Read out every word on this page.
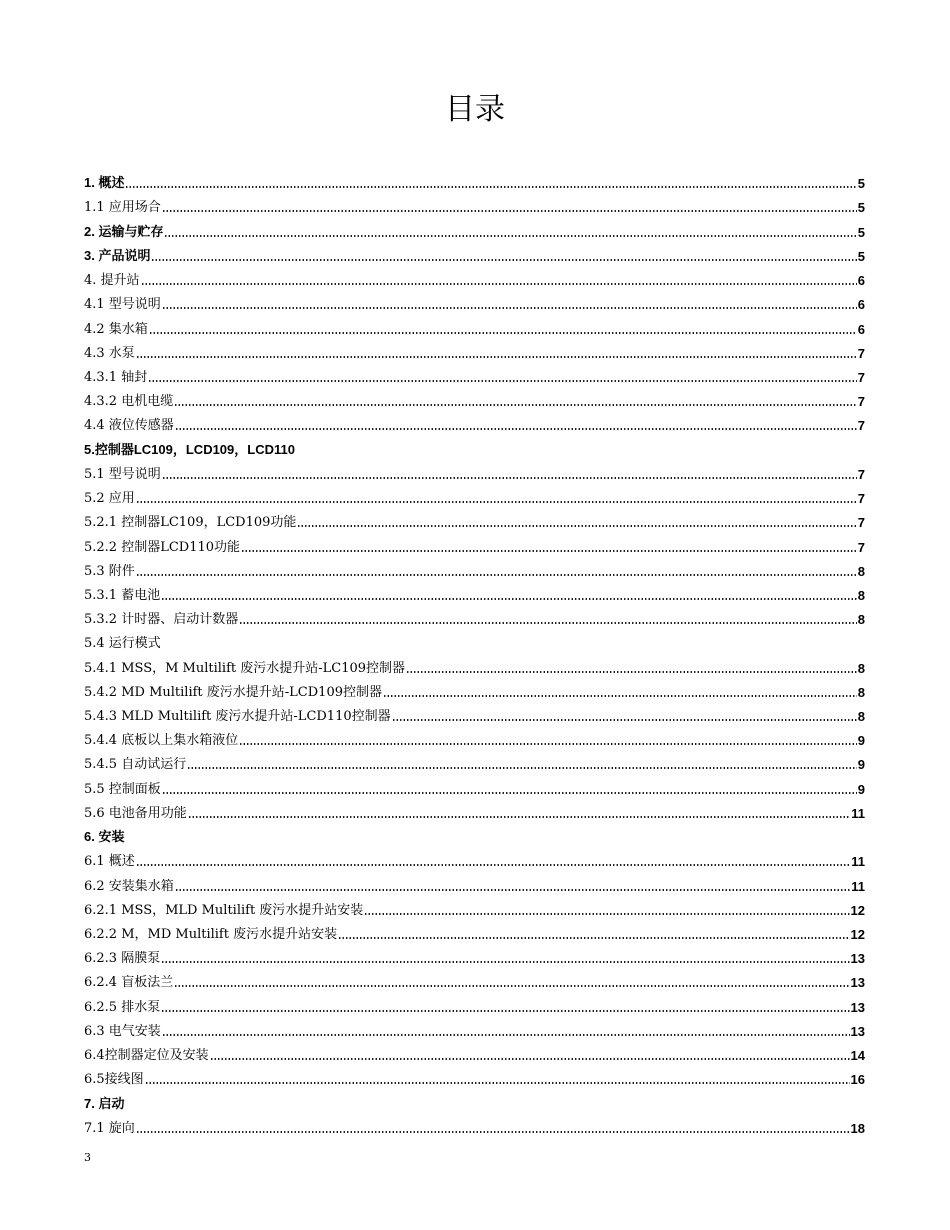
目录
1. 概述	5
1.1 应用场合	5
2. 运输与贮存	5
3. 产品说明	5
4. 提升站	6
4.1 型号说明	6
4.2 集水箱	6
4.3 水泵	7
4.3.1 轴封	7
4.3.2 电机电缆	7
4.4 液位传感器	7
5.控制器LC109，LCD109，LCD110
5.1 型号说明	7
5.2 应用	7
5.2.1 控制器LC109，LCD109功能	7
5.2.2 控制器LCD110功能	7
5.3 附件	8
5.3.1 蓄电池	8
5.3.2 计时器、启动计数器	8
5.4 运行模式
5.4.1 MSS，M Multilift 废污水提升站-LC109控制器	8
5.4.2 MD Multilift 废污水提升站-LCD109控制器	8
5.4.3 MLD Multilift 废污水提升站-LCD110控制器	8
5.4.4 底板以上集水箱液位	9
5.4.5 自动试运行	9
5.5 控制面板	9
5.6 电池备用功能	11
6. 安装
6.1 概述	11
6.2 安装集水箱	11
6.2.1 MSS，MLD Multilift 废污水提升站安装	12
6.2.2 M，MD Multilift 废污水提升站安装	12
6.2.3 隔膜泵	13
6.2.4 盲板法兰	13
6.2.5 排水泵	13
6.3 电气安装	13
6.4控制器定位及安装	14
6.5接线图	16
7. 启动
7.1 旋向	18
3
